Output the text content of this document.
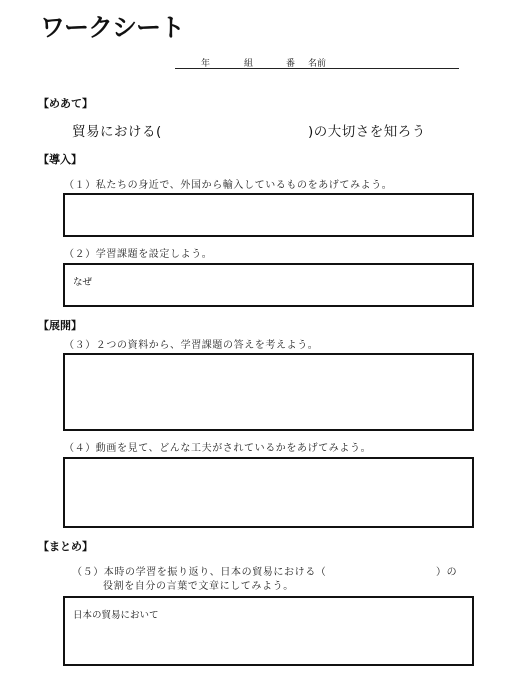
ワークシート
年	組	番 名前
【めあて】
貿易における(	)の大切さを知ろう
【導入】
（１）私たちの身近で、外国から輸入しているものをあげてみよう。
（２）学習課題を設定しよう。
なぜ
【展開】
（３）２つの資料から、学習課題の答えを考えよう。
（４）動画を見て、どんな工夫がされているかをあげてみよう。
【まとめ】
（５）本時の学習を振り返り、日本の貿易における（	）の
役割を自分の言葉で文章にしてみよう。
日本の貿易において
